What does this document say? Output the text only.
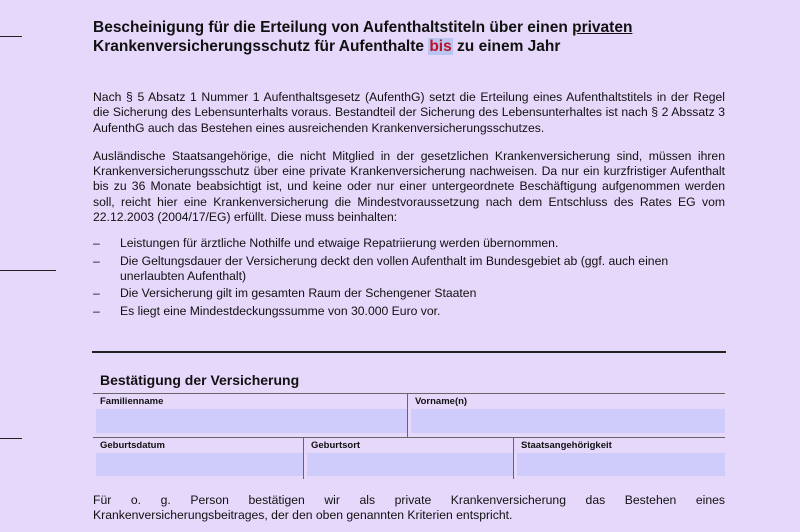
Bescheinigung für die Erteilung von Aufenthaltstiteln über einen privaten
Krankenversicherungsschutz für Aufenthalte bis zu einem Jahr

Nach § 5 Absatz 1 Nummer 1 Aufenthaltsgesetz (AufenthG) setzt die Erteilung eines Aufenthaltstitels in der Regel die Sicherung des Lebensunterhalts voraus. Bestandteil der Sicherung des Lebensunterhaltes ist nach § 2 Abssatz 3 AufenthG auch das Bestehen eines ausreichenden Krankenversicherungsschutzes.

Ausländische Staatsangehörige, die nicht Mitglied in der gesetzlichen Krankenversicherung sind, müssen ihren Krankenversicherungsschutz über eine private Krankenversicherung nachweisen. Da nur ein kurzfristiger Aufenthalt bis zu 36 Monate beabsichtigt ist, und keine oder nur einer untergeordnete Beschäftigung aufgenommen werden soll, reicht hier eine Krankenversicherung die Mindestvoraussetzung nach dem Entschluss des Rates EG vom 22.12.2003 (2004/17/EG) erfüllt. Diese muss beinhalten:

– Leistungen für ärztliche Nothilfe und etwaige Repatriierung werden übernommen.
– Die Geltungsdauer der Versicherung deckt den vollen Aufenthalt im Bundesgebiet ab (ggf. auch einen unerlaubten Aufenthalt)
– Die Versicherung gilt im gesamten Raum der Schengener Staaten
– Es liegt eine Mindestdeckungssumme von 30.000 Euro vor.
Bestätigung der Versicherung
Familienname	Vorname(n)
Geburtsdatum	Geburtsort	Staatsangehörigkeit

Für o. g. Person bestätigen wir als private Krankenversicherung das Bestehen eines Krankenversicherungsbeitrages, der den oben genannten Kriterien entspricht.
